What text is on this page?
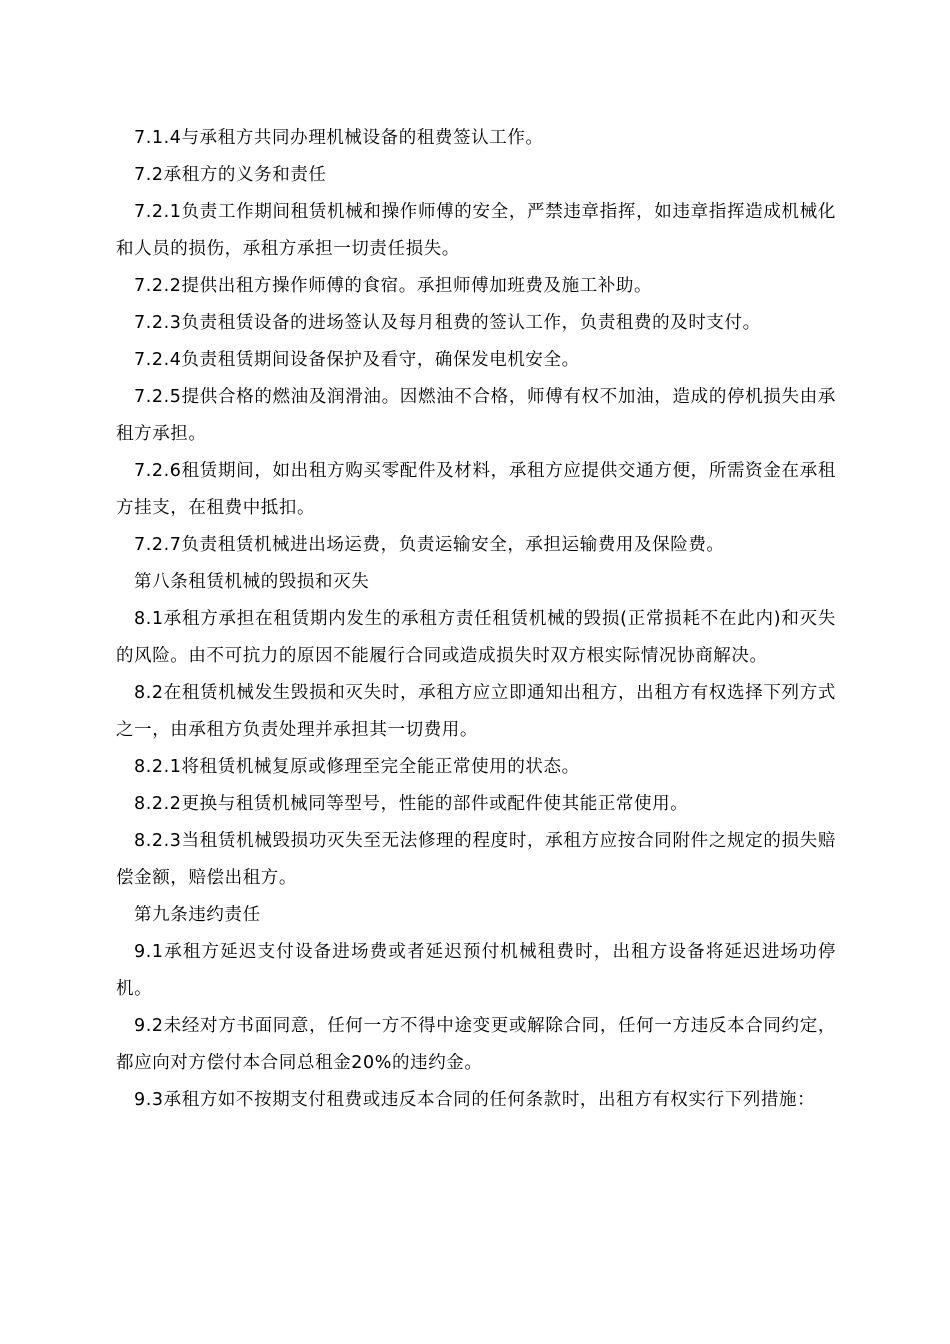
7.1.4与承租方共同办理机械设备的租费签认工作。

7.2承租方的义务和责任

7.2.1负责工作期间租赁机械和操作师傅的安全，严禁违章指挥，如违章指挥造成机械化和人员的损伤，承租方承担一切责任损失。

7.2.2提供出租方操作师傅的食宿。承担师傅加班费及施工补助。

7.2.3负责租赁设备的进场签认及每月租费的签认工作，负责租费的及时支付。

7.2.4负责租赁期间设备保护及看守，确保发电机安全。

7.2.5提供合格的燃油及润滑油。因燃油不合格，师傅有权不加油，造成的停机损失由承租方承担。

7.2.6租赁期间，如出租方购买零配件及材料，承租方应提供交通方便，所需资金在承租方挂支，在租费中抵扣。

7.2.7负责租赁机械进出场运费，负责运输安全，承担运输费用及保险费。

第八条租赁机械的毁损和灭失

8.1承租方承担在租赁期内发生的承租方责任租赁机械的毁损(正常损耗不在此内)和灭失的风险。由不可抗力的原因不能履行合同或造成损失时双方根实际情况协商解决。

8.2在租赁机械发生毁损和灭失时，承租方应立即通知出租方，出租方有权选择下列方式之一，由承租方负责处理并承担其一切费用。

8.2.1将租赁机械复原或修理至完全能正常使用的状态。

8.2.2更换与租赁机械同等型号，性能的部件或配件使其能正常使用。

8.2.3当租赁机械毁损功灭失至无法修理的程度时，承租方应按合同附件之规定的损失赔偿金额，赔偿出租方。

第九条违约责任

9.1承租方延迟支付设备进场费或者延迟预付机械租费时，出租方设备将延迟进场功停机。

9.2未经对方书面同意，任何一方不得中途变更或解除合同，任何一方违反本合同约定，都应向对方偿付本合同总租金20%的违约金。

9.3承租方如不按期支付租费或违反本合同的任何条款时，出租方有权实行下列措施：
